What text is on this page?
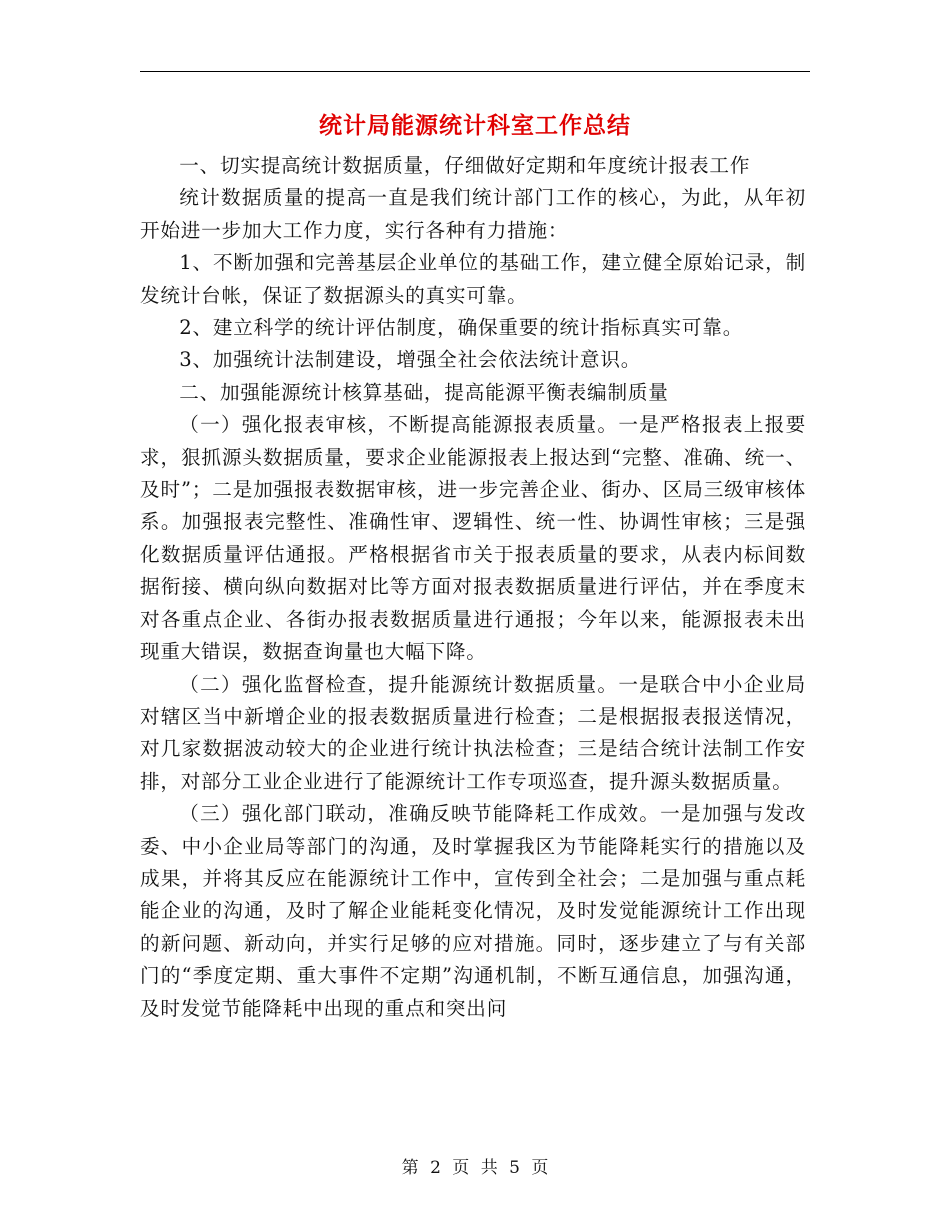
统计局能源统计科室工作总结

一、切实提高统计数据质量，仔细做好定期和年度统计报表工作

统计数据质量的提高一直是我们统计部门工作的核心，为此，从年初开始进一步加大工作力度，实行各种有力措施：

1、不断加强和完善基层企业单位的基础工作，建立健全原始记录，制发统计台帐，保证了数据源头的真实可靠。

2、建立科学的统计评估制度，确保重要的统计指标真实可靠。

3、加强统计法制建设，增强全社会依法统计意识。

二、加强能源统计核算基础，提高能源平衡表编制质量

（一）强化报表审核，不断提高能源报表质量。一是严格报表上报要求，狠抓源头数据质量，要求企业能源报表上报达到“完整、准确、统一、及时”；二是加强报表数据审核，进一步完善企业、街办、区局三级审核体系。加强报表完整性、准确性审、逻辑性、统一性、协调性审核；三是强化数据质量评估通报。严格根据省市关于报表质量的要求，从表内标间数据衔接、横向纵向数据对比等方面对报表数据质量进行评估，并在季度末对各重点企业、各街办报表数据质量进行通报；今年以来，能源报表未出现重大错误，数据查询量也大幅下降。

（二）强化监督检查，提升能源统计数据质量。一是联合中小企业局对辖区当中新增企业的报表数据质量进行检查；二是根据报表报送情况，对几家数据波动较大的企业进行统计执法检查；三是结合统计法制工作安排，对部分工业企业进行了能源统计工作专项巡查，提升源头数据质量。

（三）强化部门联动，准确反映节能降耗工作成效。一是加强与发改委、中小企业局等部门的沟通，及时掌握我区为节能降耗实行的措施以及成果，并将其反应在能源统计工作中，宣传到全社会；二是加强与重点耗能企业的沟通，及时了解企业能耗变化情况，及时发觉能源统计工作出现的新问题、新动向，并实行足够的应对措施。同时，逐步建立了与有关部门的“季度定期、重大事件不定期”沟通机制，不断互通信息，加强沟通，及时发觉节能降耗中出现的重点和突出问

第 2 页 共 5 页
